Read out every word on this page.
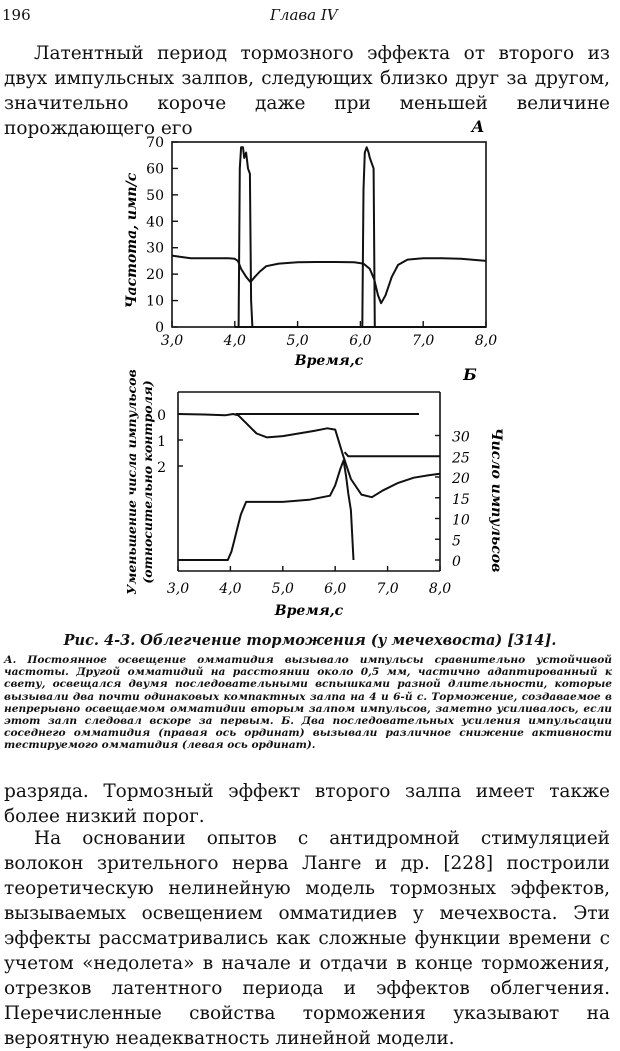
196	Глава IV
Латентный период тормозного эффекта от второго из двух импульсных залпов, следующих близко друг за другом, значительно короче даже при меньшей величине порождающего его
0
10
20
30
40
50
60
70
3,0	4,0	5,0	6,0	7,0	8,0
Время,с
Частота, имп/с
А
0
1
2
0
5
10
15
20
25
30
3,0 4,0 5,0 6,0 7,0 8,0
Время,с
Уменьшение числа импульсов (относительно контроля)	Число импульсов
Б
Рис. 4-3. Облегчение торможения (у мечехвоста) [314].
А. Постоянное освещение омматидия вызывало импульсы сравнительно устойчивой частоты. Другой омматидий на расстоянии около 0,5 мм, частично адаптированный к свету, освещался двумя последовательными вспышками разной длительности, которые вызывали два почти одинаковых компактных залпа на 4 и 6-й с. Торможение, создаваемое в непрерывно освещаемом омматидии вторым залпом импульсов, заметно усиливалось, если этот залп следовал вскоре за первым. Б. Два последовательных усиления импульсации соседнего омматидия (правая ось ординат) вызывали различное снижение активности тестируемого омматидия (левая ось ординат).
разряда. Тормозный эффект второго залпа имеет также более низкий порог.
На основании опытов с антидромной стимуляцией волокон зрительного нерва Ланге и др. [228] построили теоретическую нелинейную модель тормозных эффектов, вызываемых освещением омматидиев у мечехвоста. Эти эффекты рассматривались как сложные функции времени с учетом «недолета» в начале и отдачи в конце торможения, отрезков латентного периода и эффектов облегчения. Перечисленные свойства торможения указывают на вероятную неадекватность линейной модели.
